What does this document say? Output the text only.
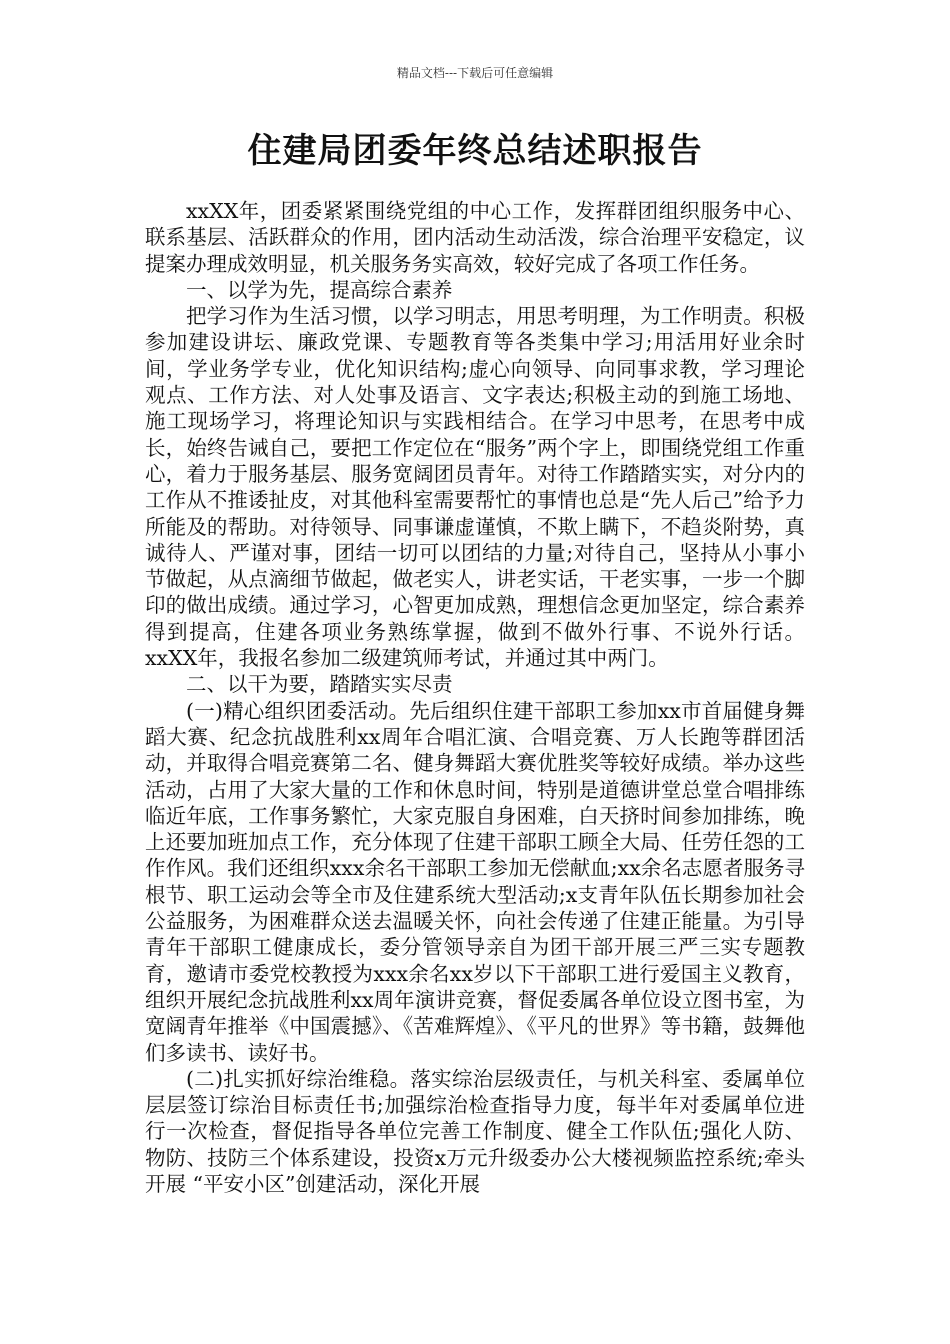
精品文档---下载后可任意编辑
住建局团委年终总结述职报告

xxXX年，团委紧紧围绕党组的中心工作，发挥群团组织服务中心、联系基层、活跃群众的作用，团内活动生动活泼，综合治理平安稳定，议提案办理成效明显，机关服务务实高效，较好完成了各项工作任务。

一、以学为先，提高综合素养

把学习作为生活习惯，以学习明志，用思考明理，为工作明责。积极参加建设讲坛、廉政党课、专题教育等各类集中学习;用活用好业余时间，学业务学专业，优化知识结构;虚心向领导、向同事求教，学习理论观点、工作方法、对人处事及语言、文字表达;积极主动的到施工场地、施工现场学习，将理论知识与实践相结合。在学习中思考，在思考中成长，始终告诫自己，要把工作定位在“服务”两个字上，即围绕党组工作重心，着力于服务基层、服务宽阔团员青年。对待工作踏踏实实，对分内的工作从不推诿扯皮，对其他科室需要帮忙的事情也总是“先人后己”给予力所能及的帮助。对待领导、同事谦虚谨慎，不欺上瞒下，不趋炎附势，真诚待人、严谨对事，团结一切可以团结的力量;对待自己，坚持从小事小节做起，从点滴细节做起，做老实人，讲老实话，干老实事，一步一个脚印的做出成绩。通过学习，心智更加成熟，理想信念更加坚定，综合素养得到提高，住建各项业务熟练掌握，做到不做外行事、不说外行话。xxXX年，我报名参加二级建筑师考试，并通过其中两门。

二、以干为要，踏踏实实尽责

(一)精心组织团委活动。先后组织住建干部职工参加xx市首届健身舞蹈大赛、纪念抗战胜利xx周年合唱汇演、合唱竞赛、万人长跑等群团活动，并取得合唱竞赛第二名、健身舞蹈大赛优胜奖等较好成绩。举办这些活动，占用了大家大量的工作和休息时间，特别是道德讲堂总堂合唱排练临近年底，工作事务繁忙，大家克服自身困难，白天挤时间参加排练，晚上还要加班加点工作，充分体现了住建干部职工顾全大局、任劳任怨的工作作风。我们还组织xxx余名干部职工参加无偿献血;xx余名志愿者服务寻根节、职工运动会等全市及住建系统大型活动;x支青年队伍长期参加社会公益服务，为困难群众送去温暖关怀，向社会传递了住建正能量。为引导青年干部职工健康成长，委分管领导亲自为团干部开展三严三实专题教育，邀请市委党校教授为xxx余名xx岁以下干部职工进行爱国主义教育，组织开展纪念抗战胜利xx周年演讲竞赛，督促委属各单位设立图书室，为宽阔青年推举《中国震撼》、《苦难辉煌》、《平凡的世界》等书籍，鼓舞他们多读书、读好书。

(二)扎实抓好综治维稳。落实综治层级责任，与机关科室、委属单位层层签订综治目标责任书;加强综治检查指导力度，每半年对委属单位进行一次检查，督促指导各单位完善工作制度、健全工作队伍;强化人防、物防、技防三个体系建设，投资x万元升级委办公大楼视频监控系统;牵头开展 “平安小区”创建活动，深化开展
